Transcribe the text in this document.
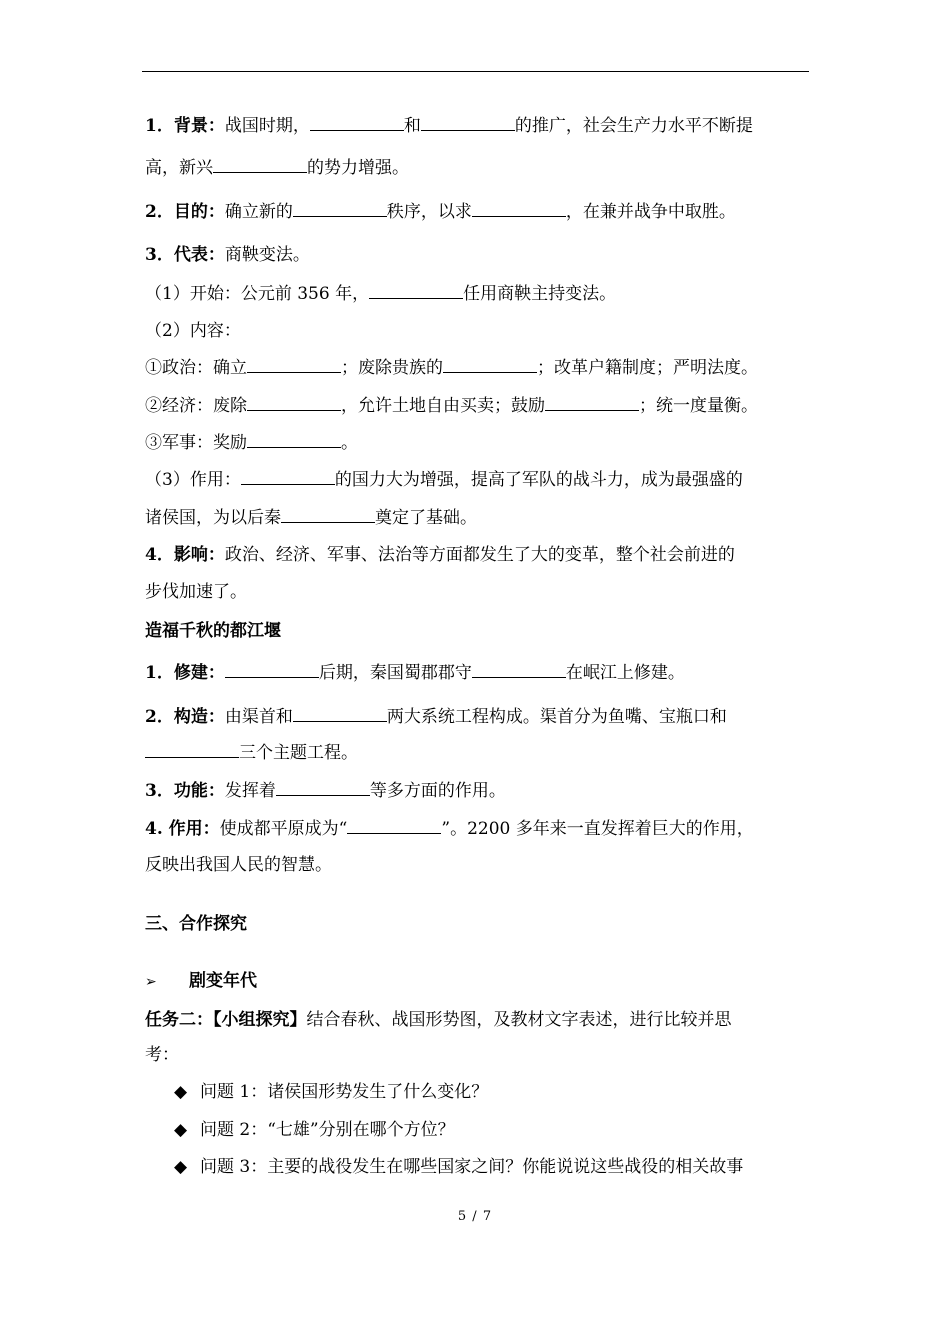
1．背景：战国时期，	和	的推广，社会生产力水平不断提
高，新兴	的势力增强。
2．目的：确立新的	秩序，以求	，在兼并战争中取胜。
3．代表：商鞅变法。
（1）开始：公元前 356 年，	任用商鞅主持变法。
（2）内容：
①政治：确立	；废除贵族的	；改革户籍制度；严明法度。
②经济：废除	，允许土地自由买卖；鼓励	；统一度量衡。
③军事：奖励	。
（3）作用：	的国力大为增强，提高了军队的战斗力，成为最强盛的
诸侯国，为以后秦	奠定了基础。
4．影响：政治、经济、军事、法治等方面都发生了大的变革，整个社会前进的
步伐加速了。
造福千秋的都江堰
1．修建：	后期，秦国蜀郡郡守	在岷江上修建。
2．构造：由渠首和	两大系统工程构成。渠首分为鱼嘴、宝瓶口和
三个主题工程。
3．功能：发挥着	等多方面的作用。
4. 作用：使成都平原成为“	”。2200 多年来一直发挥着巨大的作用，
反映出我国人民的智慧。
三、合作探究
➢ 剧变年代
任务二：【小组探究】结合春秋、战国形势图，及教材文字表述，进行比较并思
考：
◆ 问题 1：诸侯国形势发生了什么变化？
◆ 问题 2：“七雄”分别在哪个方位？
◆ 问题 3：主要的战役发生在哪些国家之间？你能说说这些战役的相关故事
5 / 7
